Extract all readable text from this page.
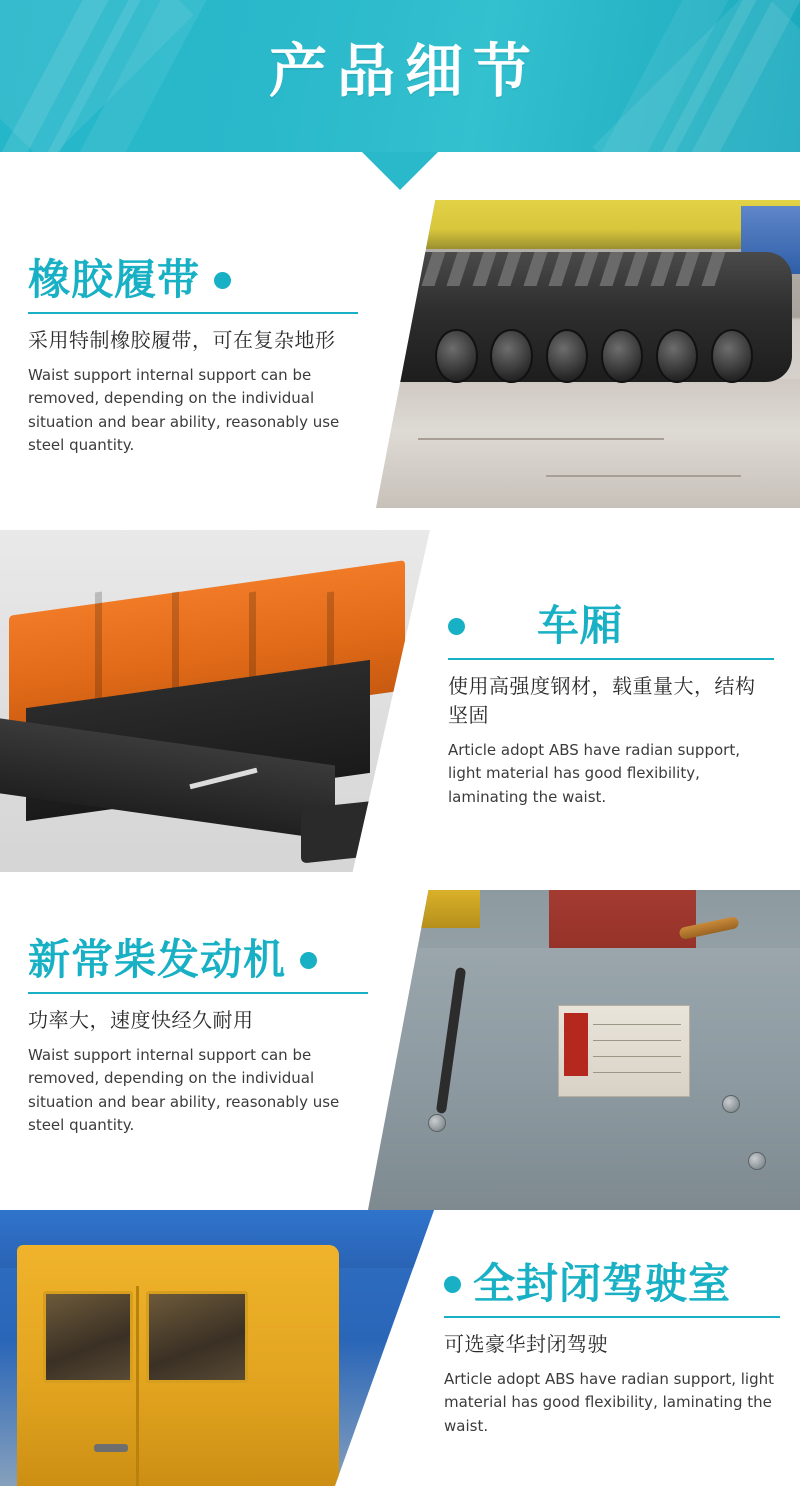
产品细节
橡胶履带
采用特制橡胶履带，可在复杂地形
Waist support internal support can be removed, depending on the individual situation and bear ability, reasonably use steel quantity.
车厢
使用高强度钢材，载重量大，结构坚固
Article adopt ABS have radian support, light material has good flexibility, laminating the waist.
新常柴发动机
功率大，速度快经久耐用
Waist support internal support can be removed, depending on the individual situation and bear ability, reasonably use steel quantity.
全封闭驾驶室
可选豪华封闭驾驶
Article adopt ABS have radian support, light material has good flexibility, laminating the waist.
